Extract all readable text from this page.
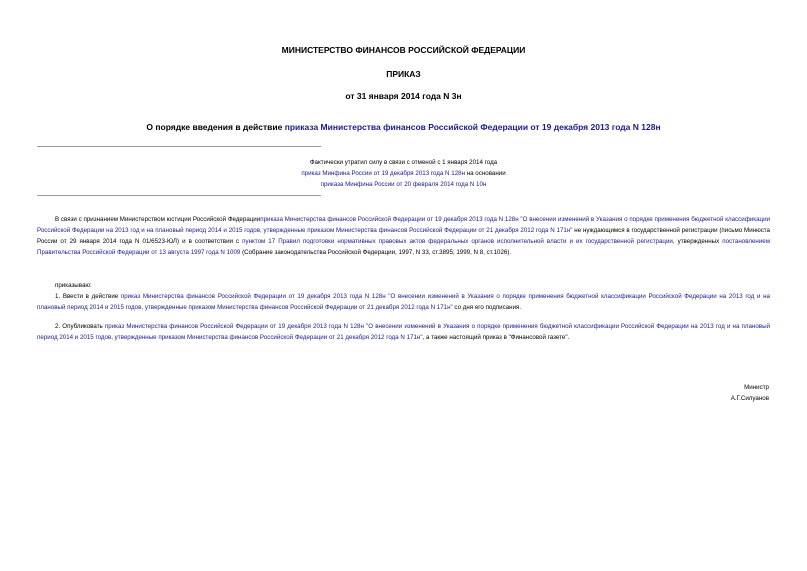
МИНИСТЕРСТВО ФИНАНСОВ РОССИЙСКОЙ ФЕДЕРАЦИИ
ПРИКАЗ
от 31 января 2014 года N 3н
О порядке введения в действие приказа Министерства финансов Российской Федерации от 19 декабря 2013 года N 128н
Фактически утратил силу в связи с отменой с 1 января 2014 года
приказ Минфина России от 19 декабря 2013 года N 128н на основании
приказа Минфина России от 20 февраля 2014 года N 10н
В связи с признанием Министерством юстиции Российской Федерацииприказа Министерства финансов Российской Федерации от 19 декабря 2013 года N 128н "О внесении изменений в Указания о порядке применения бюджетной классификации Российской Федерации на 2013 год и на плановый период 2014 и 2015 годов, утвержденные приказом Министерства финансов Российской Федерации от 21 декабря 2012 года N 171н" не нуждающимся в государственной регистрации (письмо Минюста России от 29 января 2014 года N 01/6523-ЮЛ) и в соответствии с пунктом 17 Правил подготовки нормативных правовых актов федеральных органов исполнительной власти и их государственной регистрации, утвержденных постановлением Правительства Российской Федерации от 13 августа 1997 года N 1009 (Собрание законодательства Российской Федерации, 1997, N 33, ст.3895; 1999, N 8, ст.1026).
приказываю:
1. Ввести в действие приказ Министерства финансов Российской Федерации от 19 декабря 2013 года N 128н "О внесении изменений в Указания о порядке применения бюджетной классификации Российской Федерации на 2013 год и на плановый период 2014 и 2015 годов, утвержденные приказом Министерства финансов Российской Федерации от 21 декабря 2012 года N 171н" со дня его подписания.
2. Опубликовать приказ Министерства финансов Российской Федерации от 19 декабря 2013 года N 128н "О внесении изменений в Указания о порядке применения бюджетной классификации Российской Федерации на 2013 год и на плановый период 2014 и 2015 годов, утвержденные приказом Министерства финансов Российской Федерации от 21 декабря 2012 года N 171н", а также настоящий приказ в "Финансовой газете".
Министр
А.Г.Силуанов
